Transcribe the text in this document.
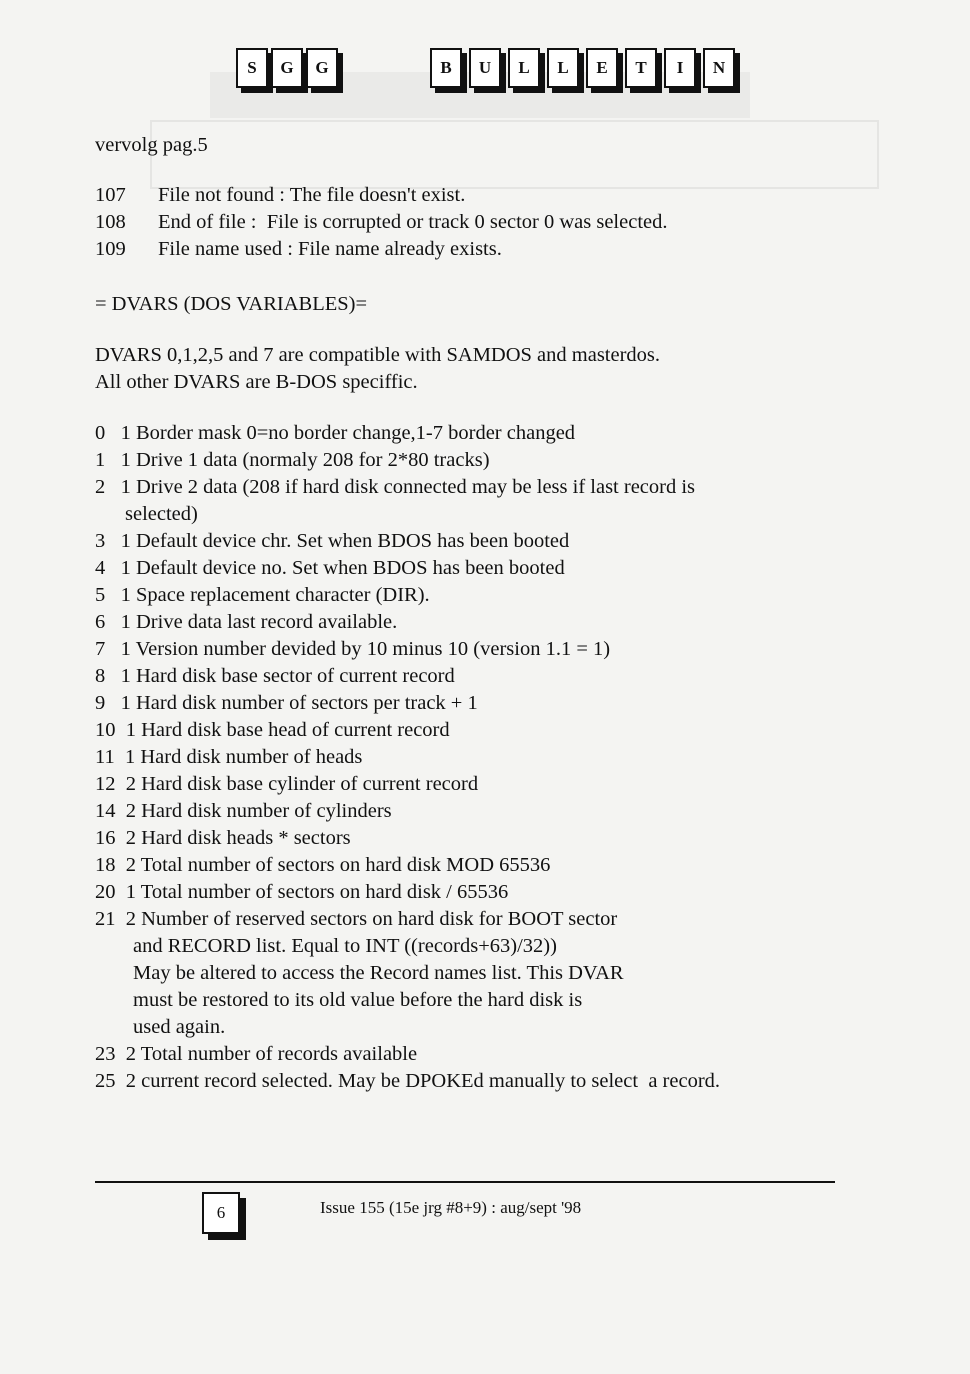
S	G	G	B	U	L	L	E	T	I	N
vervolg pag.5
107	File not found : The file doesn't exist.
108	End of file :  File is corrupted or track 0 sector 0 was selected.
109	File name used : File name already exists.
= DVARS (DOS VARIABLES)=
DVARS 0,1,2,5 and 7 are compatible with SAMDOS and masterdos.
All other DVARS are B-DOS speciffic.
0   1 Border mask 0=no border change,1-7 border changed
1   1 Drive 1 data (normaly 208 for 2*80 tracks)
2   1 Drive 2 data (208 if hard disk connected may be less if last record is
selected)
3   1 Default device chr. Set when BDOS has been booted
4   1 Default device no. Set when BDOS has been booted
5   1 Space replacement character (DIR).
6   1 Drive data last record available.
7   1 Version number devided by 10 minus 10 (version 1.1 = 1)
8   1 Hard disk base sector of current record
9   1 Hard disk number of sectors per track + 1
10  1 Hard disk base head of current record
11  1 Hard disk number of heads
12  2 Hard disk base cylinder of current record
14  2 Hard disk number of cylinders
16  2 Hard disk heads * sectors
18  2 Total number of sectors on hard disk MOD 65536
20  1 Total number of sectors on hard disk / 65536
21  2 Number of reserved sectors on hard disk for BOOT sector
and RECORD list. Equal to INT ((records+63)/32))
May be altered to access the Record names list. This DVAR
must be restored to its old value before the hard disk is
used again.
23  2 Total number of records available
25  2 current record selected. May be DPOKEd manually to select  a record.
6	Issue 155 (15e jrg #8+9) : aug/sept '98
